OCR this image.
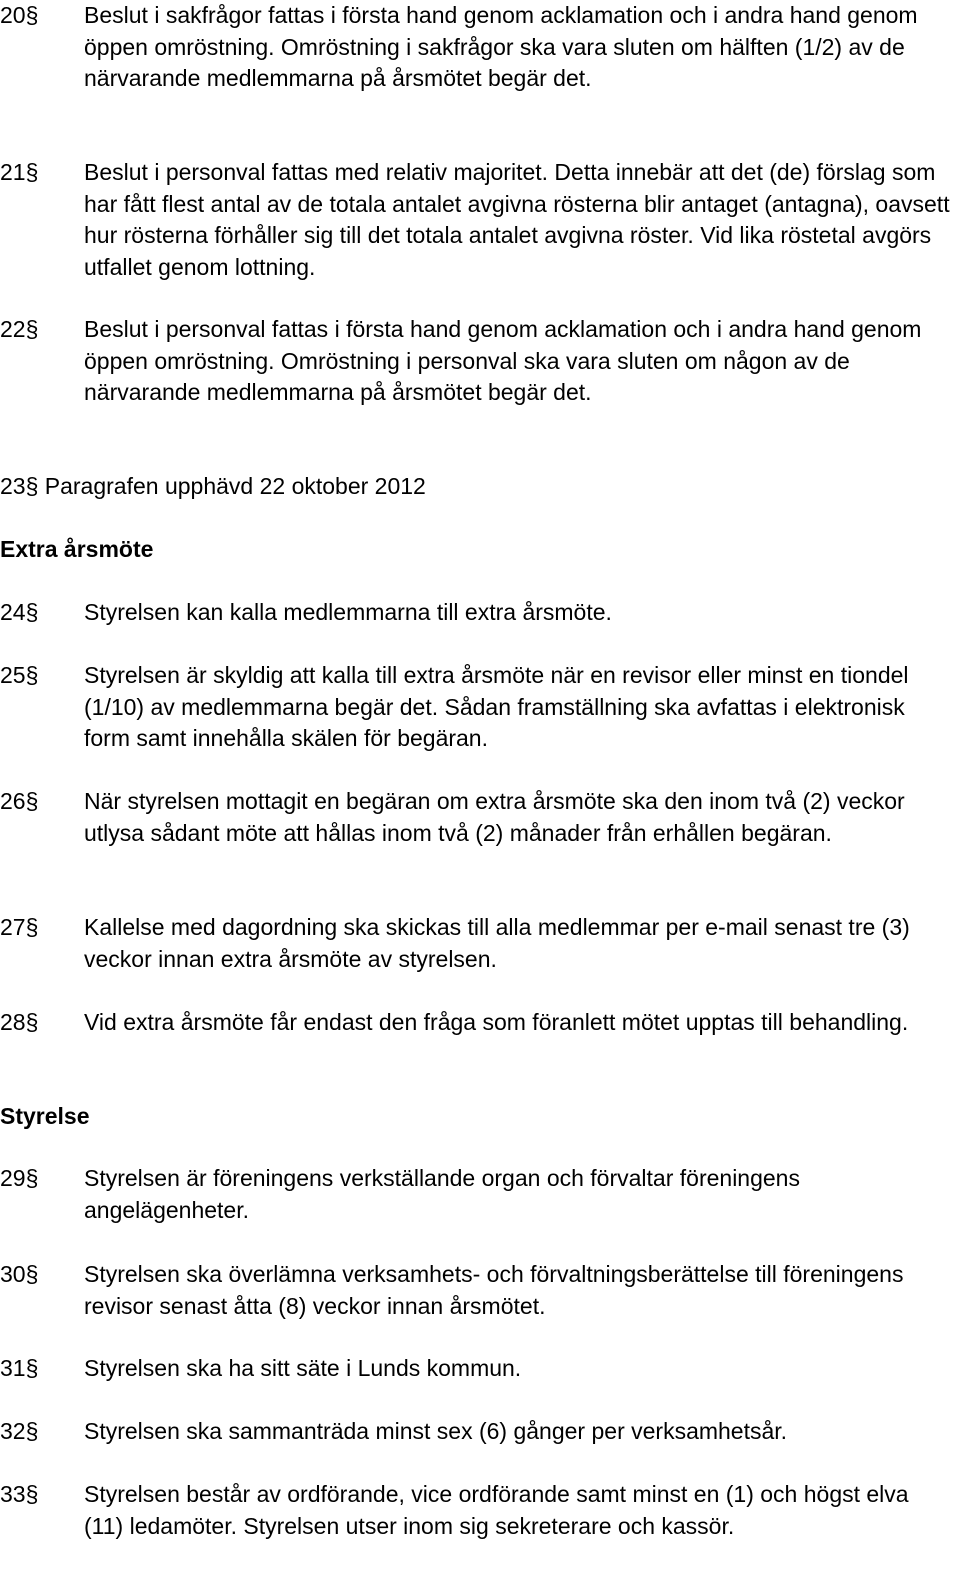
20§ Beslut i sakfrågor fattas i första hand genom acklamation och i andra hand genom öppen omröstning. Omröstning i sakfrågor ska vara sluten om hälften (1/2) av de närvarande medlemmarna på årsmötet begär det.
21§ Beslut i personval fattas med relativ majoritet. Detta innebär att det (de) förslag som har fått flest antal av de totala antalet avgivna rösterna blir antaget (antagna), oavsett hur rösterna förhåller sig till det totala antalet avgivna röster. Vid lika röstetal avgörs utfallet genom lottning.
22§ Beslut i personval fattas i första hand genom acklamation och i andra hand genom öppen omröstning. Omröstning i personval ska vara sluten om någon av de närvarande medlemmarna på årsmötet begär det.
23§ Paragrafen upphävd 22 oktober 2012
Extra årsmöte
24§ Styrelsen kan kalla medlemmarna till extra årsmöte.
25§ Styrelsen är skyldig att kalla till extra årsmöte när en revisor eller minst en tiondel (1/10) av medlemmarna begär det. Sådan framställning ska avfattas i elektronisk form samt innehålla skälen för begäran.
26§ När styrelsen mottagit en begäran om extra årsmöte ska den inom två (2) veckor utlysa sådant möte att hållas inom två (2) månader från erhållen begäran.
27§ Kallelse med dagordning ska skickas till alla medlemmar per e-mail senast tre (3) veckor innan extra årsmöte av styrelsen.
28§ Vid extra årsmöte får endast den fråga som föranlett mötet upptas till behandling.
Styrelse
29§ Styrelsen är föreningens verkställande organ och förvaltar föreningens angelägenheter.
30§ Styrelsen ska överlämna verksamhets- och förvaltningsberättelse till föreningens revisor senast åtta (8) veckor innan årsmötet.
31§ Styrelsen ska ha sitt säte i Lunds kommun.
32§ Styrelsen ska sammanträda minst sex (6) gånger per verksamhetsår.
33§ Styrelsen består av ordförande, vice ordförande samt minst en (1) och högst elva (11) ledamöter. Styrelsen utser inom sig sekreterare och kassör.
